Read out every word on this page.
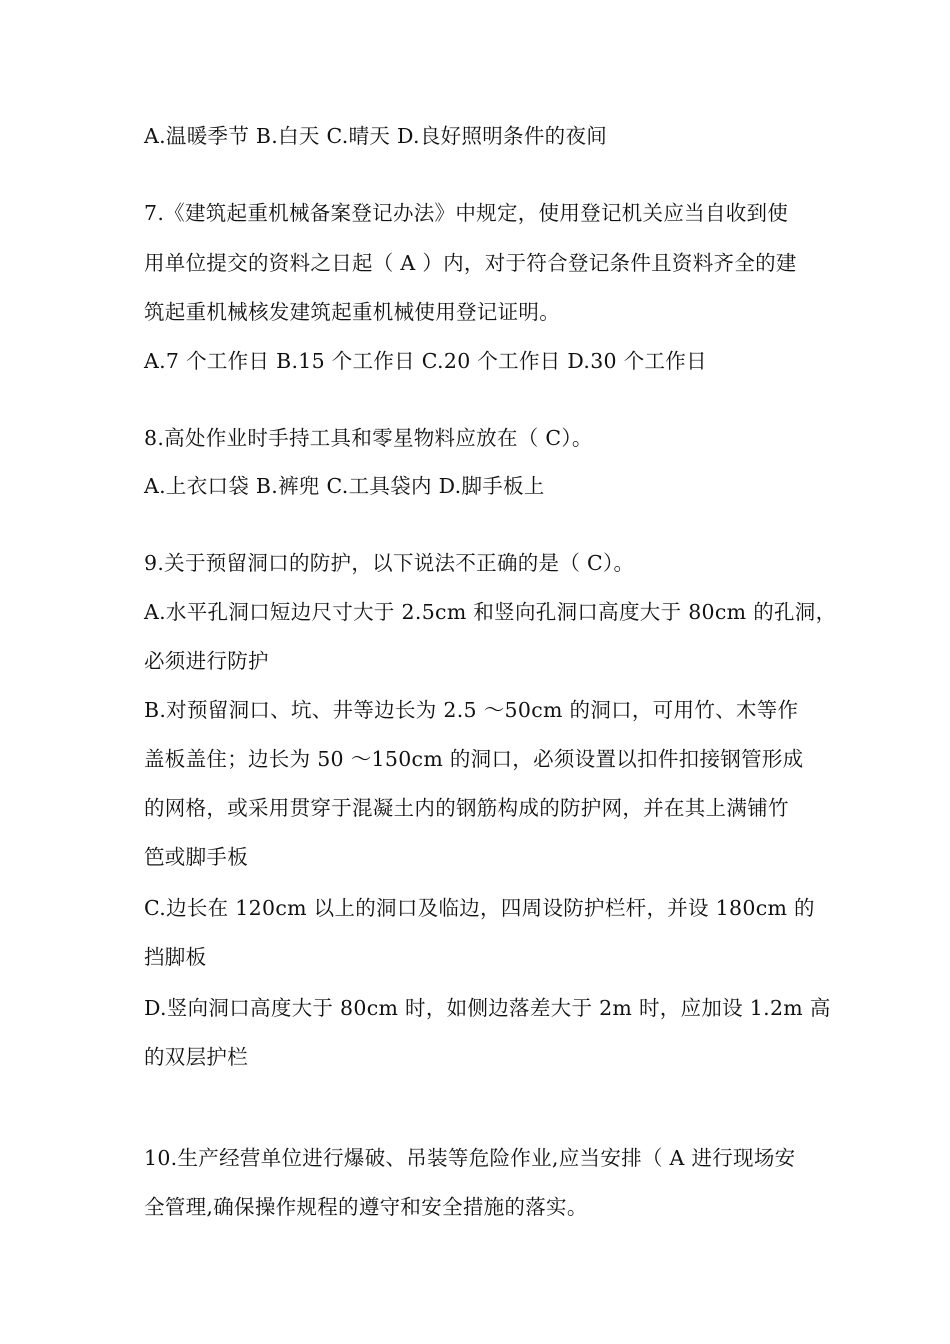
A.温暖季节 B.白天 C.晴天 D.良好照明条件的夜间
7.《建筑起重机械备案登记办法》中规定，使用登记机关应当自收到使
用单位提交的资料之日起（ A ）内，对于符合登记条件且资料齐全的建
筑起重机械核发建筑起重机械使用登记证明。
A.7 个工作日 B.15 个工作日 C.20 个工作日 D.30 个工作日
8.高处作业时手持工具和零星物料应放在（ C）。
A.上衣口袋 B.裤兜 C.工具袋内 D.脚手板上
9.关于预留洞口的防护，以下说法不正确的是（ C）。
A.水平孔洞口短边尺寸大于 2.5cm 和竖向孔洞口高度大于 80cm 的孔洞，
必须进行防护
B.对预留洞口、坑、井等边长为 2.5 ～50cm 的洞口，可用竹、木等作
盖板盖住；边长为 50 ～150cm 的洞口，必须设置以扣件扣接钢管形成
的网格，或采用贯穿于混凝土内的钢筋构成的防护网，并在其上满铺竹
笆或脚手板
C.边长在 120cm 以上的洞口及临边，四周设防护栏杆，并设 180cm 的
挡脚板
D.竖向洞口高度大于 80cm 时，如侧边落差大于 2m 时，应加设 1.2m 高
的双层护栏
10.生产经营单位进行爆破、吊装等危险作业,应当安排（ A 进行现场安
全管理,确保操作规程的遵守和安全措施的落实。
